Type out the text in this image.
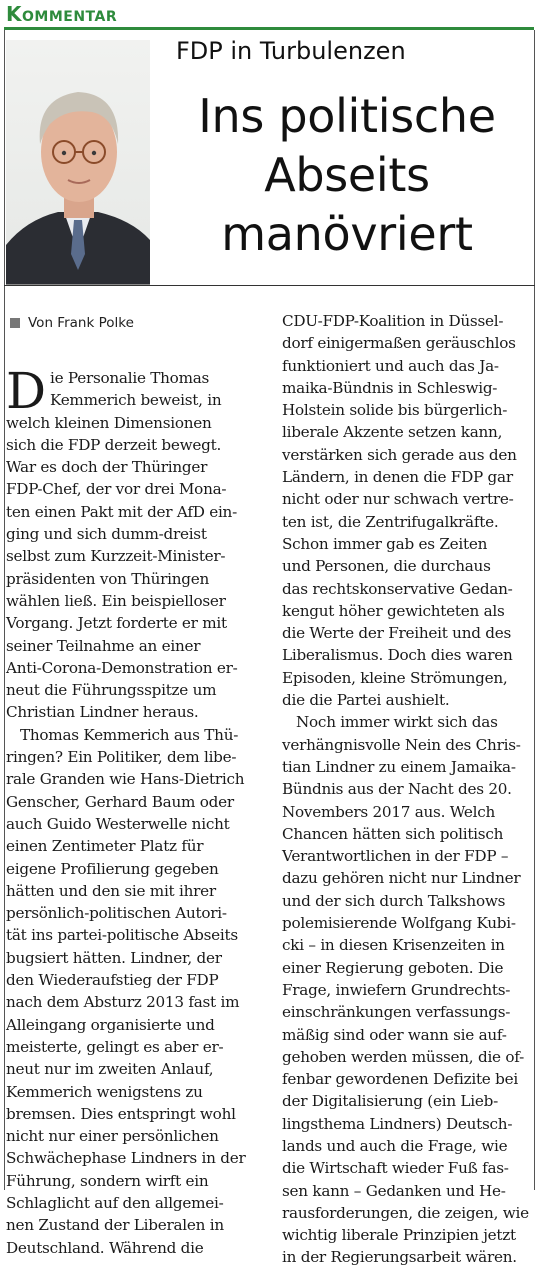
Kommentar
FDP in Turbulenzen
Ins politische
Abseits
manövriert
Von Frank Polke
D ie Personalie Thomas
Kemmerich beweist, in
welch kleinen Dimensionen
sich die FDP derzeit bewegt.
War es doch der Thüringer
FDP-Chef, der vor drei Mona-
ten einen Pakt mit der AfD ein-
ging und sich dumm-dreist
selbst zum Kurzzeit-Minister-
präsidenten von Thüringen
wählen ließ. Ein beispielloser
Vorgang. Jetzt forderte er mit
seiner Teilnahme an einer
Anti-Corona-Demonstration er-
neut die Führungsspitze um
Christian Lindner heraus.
Thomas Kemmerich aus Thü-
ringen? Ein Politiker, dem libe-
rale Granden wie Hans-Dietrich
Genscher, Gerhard Baum oder
auch Guido Westerwelle nicht
einen Zentimeter Platz für
eigene Profilierung gegeben
hätten und den sie mit ihrer
persönlich-politischen Autori-
tät ins partei-politische Abseits
bugsiert hätten. Lindner, der
den Wiederaufstieg der FDP
nach dem Absturz 2013 fast im
Alleingang organisierte und
meisterte, gelingt es aber er-
neut nur im zweiten Anlauf,
Kemmerich wenigstens zu
bremsen. Dies entspringt wohl
nicht nur einer persönlichen
Schwächephase Lindners in der
Führung, sondern wirft ein
Schlaglicht auf den allgemei-
nen Zustand der Liberalen in
Deutschland. Während die
CDU-FDP-Koalition in Düssel-
dorf einigermaßen geräuschlos
funktioniert und auch das Ja-
maika-Bündnis in Schleswig-
Holstein solide bis bürgerlich-
liberale Akzente setzen kann,
verstärken sich gerade aus den
Ländern, in denen die FDP gar
nicht oder nur schwach vertre-
ten ist, die Zentrifugalkräfte.
Schon immer gab es Zeiten
und Personen, die durchaus
das rechtskonservative Gedan-
kengut höher gewichteten als
die Werte der Freiheit und des
Liberalismus. Doch dies waren
Episoden, kleine Strömungen,
die die Partei aushielt.
Noch immer wirkt sich das
verhängnisvolle Nein des Chris-
tian Lindner zu einem Jamaika-
Bündnis aus der Nacht des 20.
Novembers 2017 aus. Welch
Chancen hätten sich politisch
Verantwortlichen in der FDP –
dazu gehören nicht nur Lindner
und der sich durch Talkshows
polemisierende Wolfgang Kubi-
cki – in diesen Krisenzeiten in
einer Regierung geboten. Die
Frage, inwiefern Grundrechts-
einschränkungen verfassungs-
mäßig sind oder wann sie auf-
gehoben werden müssen, die of-
fenbar gewordenen Defizite bei
der Digitalisierung (ein Lieb-
lingsthema Lindners) Deutsch-
lands und auch die Frage, wie
die Wirtschaft wieder Fuß fas-
sen kann – Gedanken und He-
rausforderungen, die zeigen, wie
wichtig liberale Prinzipien jetzt
in der Regierungsarbeit wären.
